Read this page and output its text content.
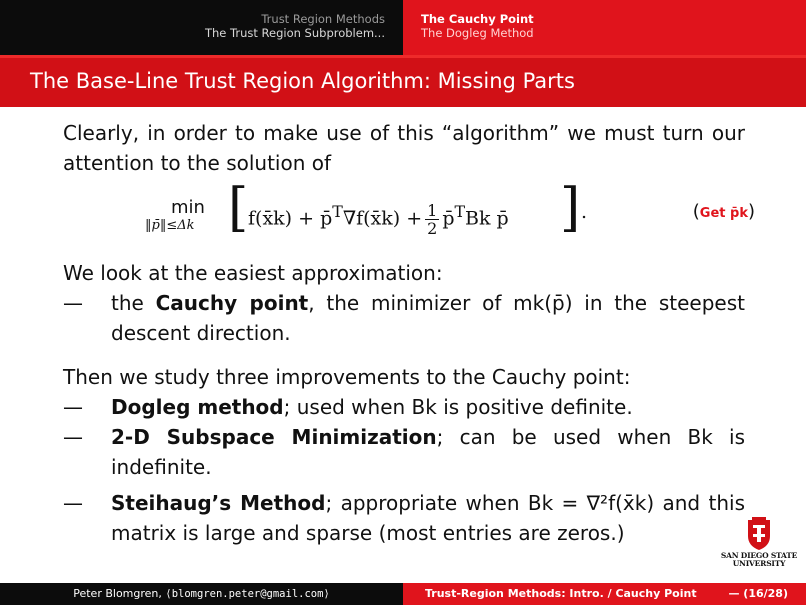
Trust Region Methods
The Trust Region Subproblem...
The Cauchy Point
The Dogleg Method
The Base-Line Trust Region Algorithm: Missing Parts

Clearly, in order to make use of this “algorithm” we must turn our attention to the solution of

min
‖p̄‖≤Δk [ f(x̄k) + p̄$^T$∇f(x̄k) + $\frac{1}{2}$ p̄$^T$Bk p̄ ] .	(Get p̄k)

We look at the easiest approximation:

— the Cauchy point, the minimizer of mk(p̄) in the steepest descent direction.

Then we study three improvements to the Cauchy point:

— Dogleg method; used when Bk is positive definite.
— 2-D Subspace Minimization; can be used when Bk is indefinite.
— Steihaug’s Method; appropriate when Bk = ∇²f(x̄k) and this matrix is large and sparse (most entries are zeros.)
SAN DIEGO STATE
UNIVERSITY
Peter Blomgren, ⟨blomgren.peter@gmail.com⟩	Trust-Region Methods: Intro. / Cauchy Point	— (16/28)
